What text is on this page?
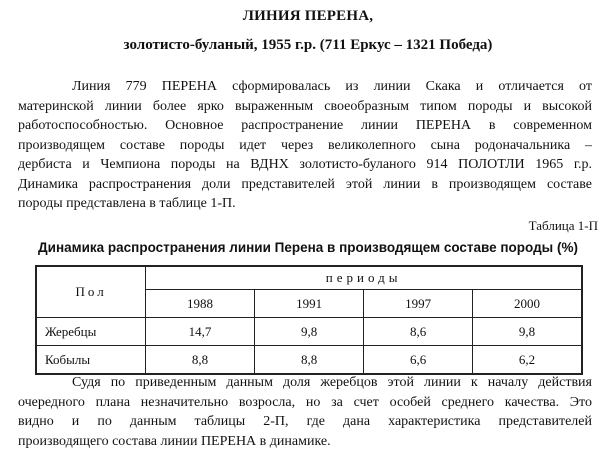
ЛИНИЯ ПЕРЕНА,
золотисто-буланый, 1955 г.р. (711 Еркус – 1321 Победа)
Линия 779 ПЕРЕНА сформировалась из линии Скака и отличается от
материнской линии более ярко выраженным своеобразным типом породы и высокой
работоспособностью. Основное распространение линии ПЕРЕНА в современном
производящем составе породы идет через великолепного сына родоначальника –
дербиста и Чемпиона породы на ВДНХ золотисто-буланого 914 ПОЛОТЛИ 1965 г.р.
Динамика распространения доли представителей этой линии в производящем составе
породы представлена в таблице 1-П.
Таблица 1-П
Динамика распространения линии Перена в производящем составе породы (%)
Пол	периоды			
	1988	1991	1997	2000
Жеребцы	14,7	9,8	8,6	9,8
Кобылы	8,8	8,8	6,6	6,2
Судя по приведенным данным доля жеребцов этой линии к началу действия
очередного плана незначительно возросла, но за счет особей среднего качества. Это
видно и по данным таблицы 2-П, где дана характеристика представителей
производящего состава линии ПЕРЕНА в динамике.
